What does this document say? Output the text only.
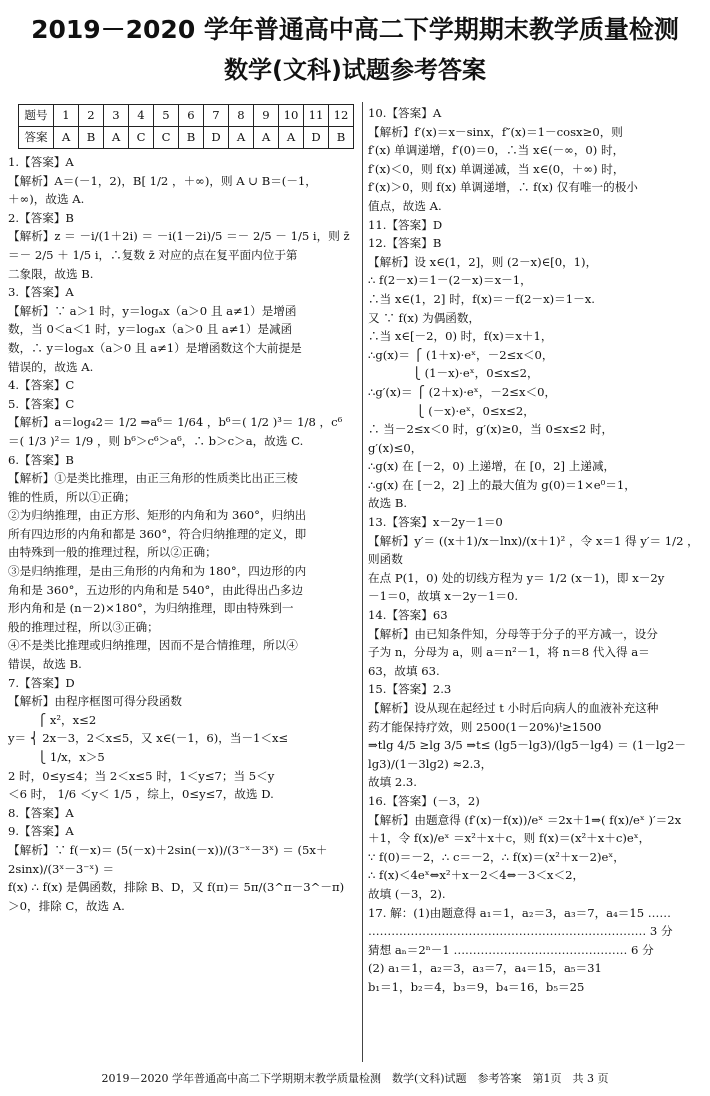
2019－2020 学年普通高中高二下学期期末教学质量检测
数学(文科)试题参考答案
题号	1	2	3	4	5	6	7	8	9	10	11	12
答案	A	B	A	C	C	B	D	A	A	A	D	B

1.【答案】A

【解析】A＝(－1，2)，B[ 1/2 ，＋∞)，则 A ∪ B＝(－1，

＋∞)，故选 A.

2.【答案】B

【解析】z ＝ －i/(1＋2i) ＝ －i(1－2i)/5 ＝－ 2/5 － 1/5 i，则 z̄

＝－ 2/5 ＋ 1/5 i，∴复数 z̄ 对应的点在复平面内位于第

二象限，故选 B.

3.【答案】A

【解析】∵ a＞1 时，y＝logₐx（a＞0 且 a≠1）是增函

数，当 0＜a＜1 时，y＝logₐx（a＞0 且 a≠1）是减函

数，∴ y＝logₐx（a＞0 且 a≠1）是增函数这个大前提是

错误的，故选 A.

4.【答案】C

5.【答案】C

【解析】a＝log₄2＝ 1/2 ⇒a⁶＝ 1/64 ，b⁶＝( 1/2 )³＝ 1/8 ，c⁶

＝( 1/3 )²＝ 1/9 ，则 b⁶＞c⁶＞a⁶，∴ b＞c＞a，故选 C.

6.【答案】B

【解析】①是类比推理，由正三角形的性质类比出正三棱

锥的性质，所以①正确；

②为归纳推理，由正方形、矩形的内角和为 360°，归纳出

所有四边形的内角和都是 360°，符合归纳推理的定义，即

由特殊到一般的推理过程，所以②正确；

③是归纳推理，是由三角形的内角和为 180°，四边形的内

角和是 360°，五边形的内角和是 540°，由此得出凸多边

形内角和是 (n－2)×180°，为归纳推理，即由特殊到一

般的推理过程，所以③正确；

④不是类比推理或归纳推理，因而不是合情推理，所以④

错误，故选 B.

7.【答案】D

【解析】由程序框图可得分段函数

⎧ x²，x≤2

y＝ ⎨ 2x－3，2＜x≤5，又 x∈(－1，6)，当－1＜x≤

⎩ 1/x，x＞5

2 时，0≤y≤4；当 2＜x≤5 时，1＜y≤7；当 5＜y

＜6 时， 1/6 ＜y＜ 1/5 ，综上，0≤y≤7，故选 D.

8.【答案】A

9.【答案】A

【解析】∵ f(－x)＝ (5(－x)＋2sin(－x))/(3⁻ˣ－3ˣ) ＝ (5x＋2sinx)/(3ˣ－3⁻ˣ) ＝

f(x) ∴ f(x) 是偶函数，排除 B、D，又 f(π)＝ 5π/(3^π－3^－π)

＞0，排除 C，故选 A.

10.【答案】A

【解析】f′(x)＝x－sinx，f″(x)＝1－cosx≥0，则

f′(x) 单调递增，f′(0)＝0，∴当 x∈(－∞，0) 时，

f′(x)＜0，则 f(x) 单调递减，当 x∈(0，＋∞) 时，

f′(x)＞0，则 f(x) 单调递增，∴ f(x) 仅有唯一的极小

值点，故选 A.

11.【答案】D

12.【答案】B

【解析】设 x∈(1，2]，则 (2－x)∈[0，1)，

∴ f(2－x)＝1－(2－x)＝x－1，

∴当 x∈(1，2] 时，f(x)＝－f(2－x)＝1－x.

又 ∵ f(x) 为偶函数，

∴当 x∈[－2，0) 时，f(x)＝x＋1，

∴g(x)＝ ⎧ (1＋x)·eˣ，－2≤x＜0，

⎩ (1－x)·eˣ，0≤x≤2，

∴g′(x)＝ ⎧ (2＋x)·eˣ，－2≤x＜0，

⎩ (－x)·eˣ，0≤x≤2，

∴ 当－2≤x＜0 时，g′(x)≥0，当 0≤x≤2 时，

g′(x)≤0，

∴g(x) 在 [－2，0) 上递增，在 [0，2] 上递减，

∴g(x) 在 [－2，2] 上的最大值为 g(0)＝1×e⁰＝1，

故选 B.

13.【答案】x－2y－1＝0

【解析】y′＝ ((x＋1)/x－lnx)/(x＋1)² ，令 x＝1 得 y′＝ 1/2 ，则函数

在点 P(1，0) 处的切线方程为 y＝ 1/2 (x－1)，即 x－2y

－1＝0，故填 x－2y－1＝0.

14.【答案】63

【解析】由已知条件知，分母等于分子的平方减一，设分

子为 n，分母为 a，则 a＝n²－1，将 n＝8 代入得 a＝

63，故填 63.

15.【答案】2.3

【解析】设从现在起经过 t 小时后向病人的血液补充这种

药才能保持疗效，则 2500(1－20%)ᵗ≥1500

⇒tlg 4/5 ≥lg 3/5 ⇒t≤ (lg5－lg3)/(lg5－lg4) ＝ (1－lg2－lg3)/(1－3lg2) ≈2.3，

故填 2.3.

16.【答案】(－3，2)

【解析】由题意得 (f′(x)－f(x))/eˣ ＝2x＋1⇒( f(x)/eˣ )′＝2x

＋1，令 f(x)/eˣ ＝x²＋x＋c，则 f(x)＝(x²＋x＋c)eˣ，

∵ f(0)＝－2，∴ c＝－2，∴ f(x)＝(x²＋x－2)eˣ，

∴ f(x)＜4eˣ⇔x²＋x－2＜4⇔－3＜x＜2，

故填 (－3，2).

17. 解：(1)由题意得 a₁＝1，a₂＝3，a₃＝7，a₄＝15 ……

……………………………………………………………… 3 分

猜想 aₙ＝2ⁿ－1 ……………………………………… 6 分

(2) a₁＝1，a₂＝3，a₃＝7，a₄＝15，a₅＝31

b₁＝1，b₂＝4，b₃＝9，b₄＝16，b₅＝25

2019－2020 学年普通高中高二下学期期末教学质量检测　数学(文科)试题　参考答案　第1页　共 3 页
